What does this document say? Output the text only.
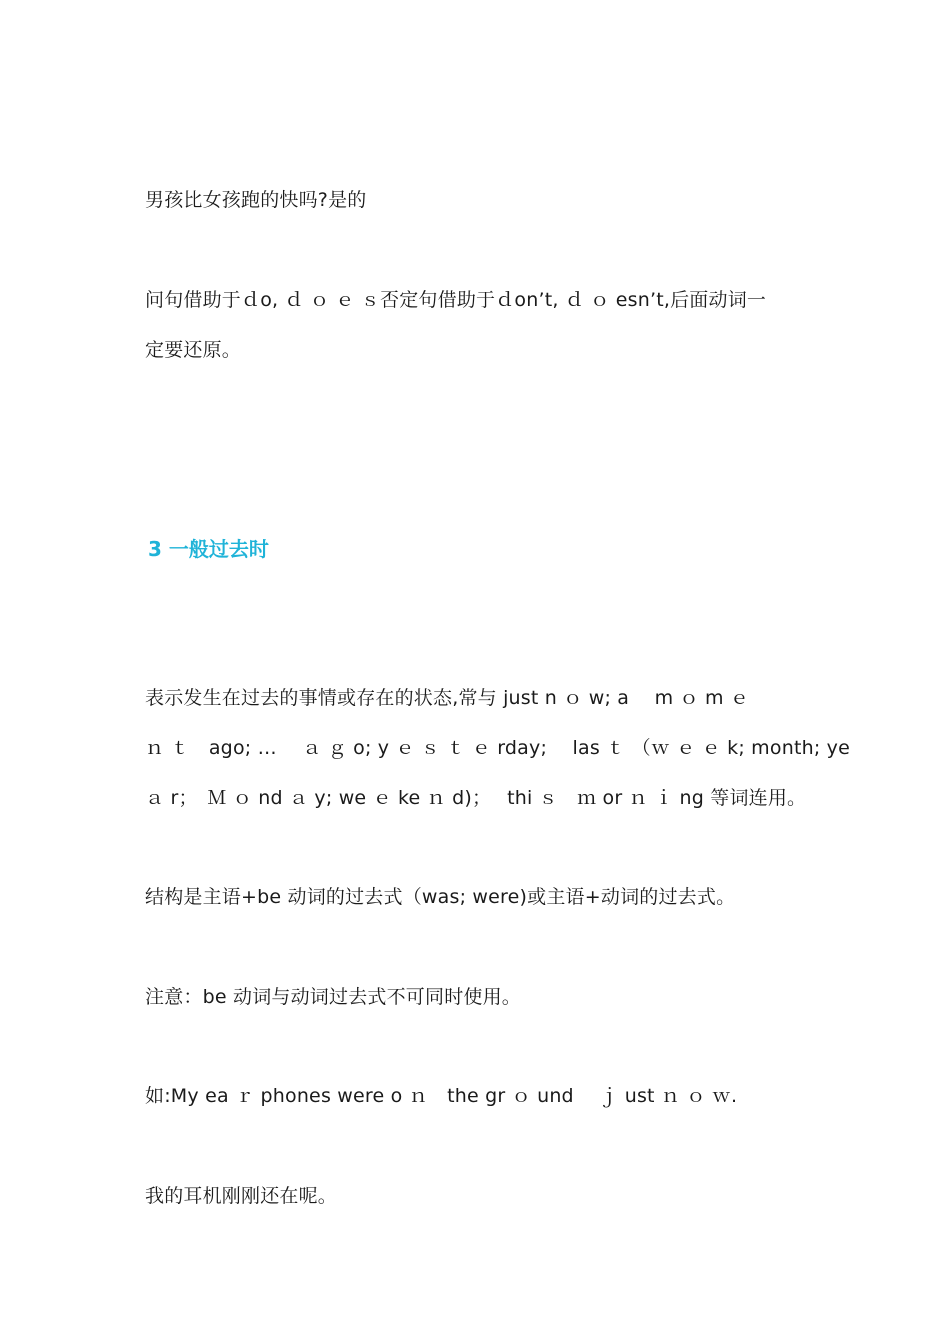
男孩比女孩跑的快吗?是的
问句借助于ｄo, ｄ ｏ ｅ ｓ否定句借助于ｄon’t, ｄ ｏ esn’t,后面动词一
定要还原。
3 一般过去时
表示发生在过去的事情或存在的状态,常与 just n ｏ w; a　 m ｏ m ｅ
ｎ ｔ　ago; …　 ａ ｇ o; y ｅ ｓ ｔ ｅ rday;　 las ｔ （ｗ ｅ ｅ k; month; ye
ａ r；　Ｍ ｏ nd ａ y; we ｅ ke ｎ d)；　 thi ｓ　ｍ or ｎ ｉ ng 等词连用。
结构是主语+be 动词的过去式（was; were)或主语+动词的过去式。
注意：be 动词与动词过去式不可同时使用。
如:My ea ｒ phones were o ｎ　the gr ｏ und　 ｊ ust ｎ ｏ ｗ.
我的耳机刚刚还在呢。
